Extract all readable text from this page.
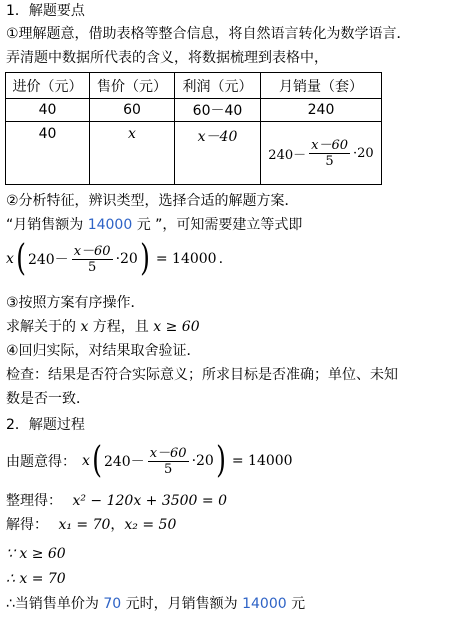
1．解题要点
①理解题意，借助表格等整合信息，将自然语言转化为数学语言．
弄清题中数据所代表的含义，将数据梳理到表格中，
进价（元）	售价（元）	利润（元）	月销量（套）
40	60	60－40	240
40	x	x－40	$240- \frac{x-60}{5} \cdot 20$
②分析特征，辨识类型，选择合适的解题方案．
“月销售额为 14000 元 ”，可知需要建立等式即
x ( $240- \frac{x-60}{5} \cdot 20$ ) = 14000 .
③按照方案有序操作．
求解关于的 x 方程，且 x ≥ 60
④回归实际，对结果取舍验证．
检查：结果是否符合实际意义；所求目标是否准确；单位、未知
数是否一致．
2．解题过程
由题意得： x ( $240- \frac{x-60}{5} \cdot 20$ ) = 14000
整理得： x² − 120x + 3500 = 0
解得： x₁ = 70，x₂ = 50
∵ x ≥ 60
∴ x = 70
∴当销售单价为 70 元时，月销售额为 14000 元
